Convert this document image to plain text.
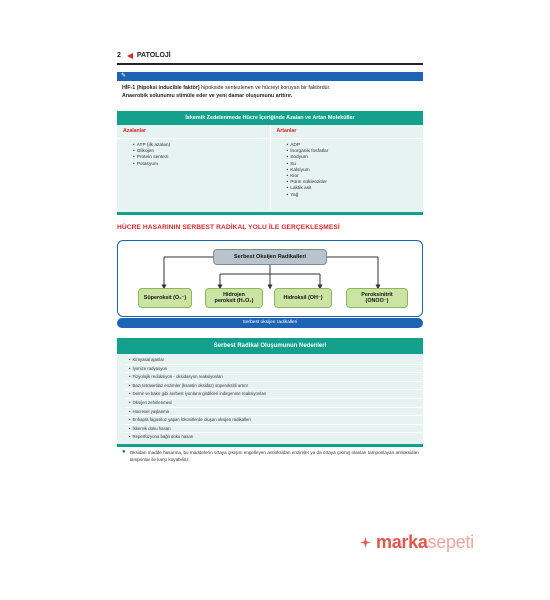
2 PATOLOJİ
✎

HİF-1 (hipoksi inducible faktör) hipokside sentezlenen ve hücreyi koruyan bir faktördür.

Anaerobik solunumu stimüle eder ve yeni damar oluşumunu arttırır.

İskemik Zedelenmede Hücre İçeriğinde Azalan ve Artan Moleküller
Azalanlar
• ATP (ilk azalan)
• Glikojen
• Protein sentezi
• Potasyum
Artanlar
• ADP
• İnorganik fosfatlar
• Sodyum
• Su
• Kalsiyum
• Klor
• Pürin nükleozitler
• Laktik asit
• Yağ
HÜCRE HASARININ SERBEST RADİKAL YOLU İLE GERÇEKLEŞMESİ
Serbest Oksijen Radikalleri
Süperoksit (O₂⁻)	Hidrojen
peroksit (H₂O₂)	Hidroksil (OH⁻)	Peroksinitrit
(ONOO⁻)
Serbest oksijen radikalleri
Serbest Radikal Oluşumunun Nedenleri
• Kimyasal ajanlar
• İyonize radyasyon
• Fizyolojik redoksiyon - oksidasyon reaksiyonları
• Bazı tetrasetilaz enzimler (ksantin oksidaz) süperoksitli artırır
• Demir ve bakır gibi serbest iyonların girdikleri indirgenme reaksiyonları
• Oksijen zehirlenmesi
• Hücresel yaşlanma
• Enhapta fagositoz yapan lökositlerde oluşan oksijen radikalleri
• İskemik doku hasarı
• Reperfüzyona bağlı doku hasarı
● Oksidan madde hasarına, bu maddelerin ortaya çıkışını engelleyen antioksidan enzimler ya da ortaya çıkmış olanları tamponlayan antioksidan tamponlar ile karşı koyabiliriz.
marka sepeti
